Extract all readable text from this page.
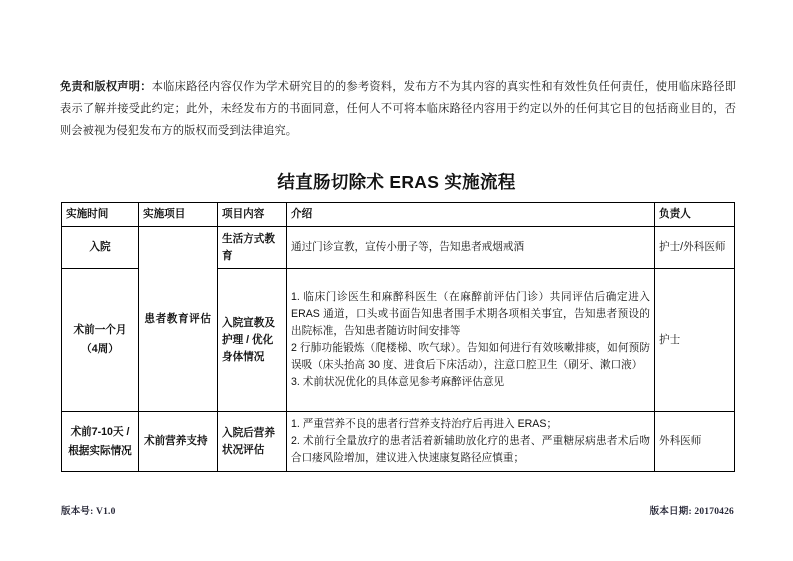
免责和版权声明：本临床路径内容仅作为学术研究目的的参考资料，发布方不为其内容的真实性和有效性负任何责任，使用临床路径即表示了解并接受此约定；此外，未经发布方的书面同意，任何人不可将本临床路径内容用于约定以外的任何其它目的包括商业目的，否则会被视为侵犯发布方的版权而受到法律追究。
结直肠切除术 ERAS 实施流程
实施时间	实施项目	项目内容	介绍	负责人
入院	患者教育评估	生活方式教育	通过门诊宣教，宣传小册子等，告知患者戒烟戒酒	护士/外科医师
术前一个月（4周）		入院宣教及护理 / 优化身体情况	1. 临床门诊医生和麻醉科医生（在麻醉前评估门诊）共同评估后确定进入 ERAS 通道，口头或书面告知患者围手术期各项相关事宜，告知患者预设的出院标准，告知患者随访时间安排等
2 行肺功能锻炼（爬楼梯、吹气球）。告知如何进行有效咳嗽排痰，如何预防误吸（床头抬高 30 度、进食后下床活动），注意口腔卫生（刷牙、漱口液）
3. 术前状况优化的具体意见参考麻醉评估意见	护士
术前7-10天 / 根据实际情况	术前营养支持	入院后营养状况评估	1. 严重营养不良的患者行营养支持治疗后再进入 ERAS；
2. 术前行全量放疗的患者活着新辅助放化疗的患者、严重糖尿病患者术后吻合口瘘风险增加，建议进入快速康复路径应慎重；	外科医师
版本号: V1.0	版本日期: 20170426
